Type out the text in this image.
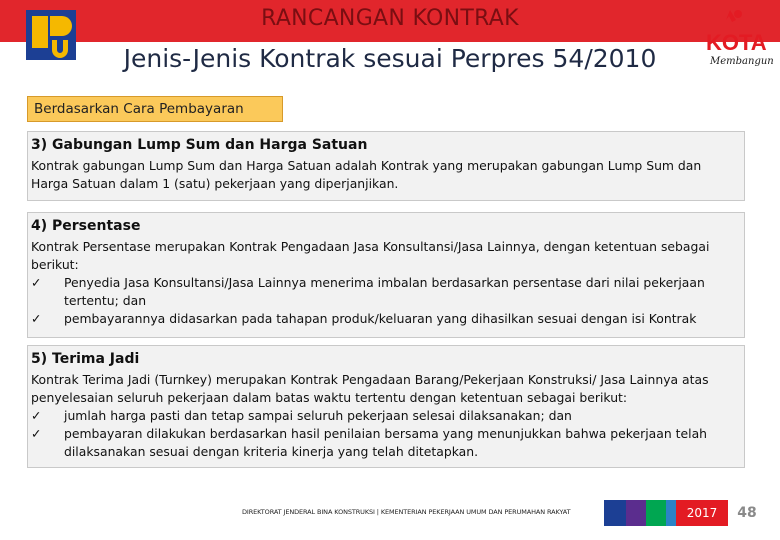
RANCANGAN KONTRAK
Jenis-Jenis Kontrak sesuai Perpres 54/2010
KOTA
Membangun
Berdasarkan Cara Pembayaran
3) Gabungan Lump Sum dan Harga Satuan

Kontrak gabungan Lump Sum dan Harga Satuan adalah Kontrak yang merupakan gabungan Lump Sum dan Harga Satuan dalam 1 (satu) pekerjaan yang diperjanjikan.

4) Persentase

Kontrak Persentase merupakan Kontrak Pengadaan Jasa Konsultansi/Jasa Lainnya, dengan ketentuan sebagai berikut:

✓ Penyedia Jasa Konsultansi/Jasa Lainnya menerima imbalan berdasarkan persentase dari nilai pekerjaan tertentu; dan
✓ pembayarannya didasarkan pada tahapan produk/keluaran yang dihasilkan sesuai dengan isi Kontrak
5) Terima Jadi

Kontrak Terima Jadi (Turnkey) merupakan Kontrak Pengadaan Barang/Pekerjaan Konstruksi/ Jasa Lainnya atas penyelesaian seluruh pekerjaan dalam batas waktu tertentu dengan ketentuan sebagai berikut:

✓ jumlah harga pasti dan tetap sampai seluruh pekerjaan selesai dilaksanakan; dan
✓ pembayaran dilakukan berdasarkan hasil penilaian bersama yang menunjukkan bahwa pekerjaan telah dilaksanakan sesuai dengan kriteria kinerja yang telah ditetapkan.
DIREKTORAT JENDERAL BINA KONSTRUKSI | KEMENTERIAN PEKERJAAN UMUM DAN PERUMAHAN RAKYAT	2017	48
